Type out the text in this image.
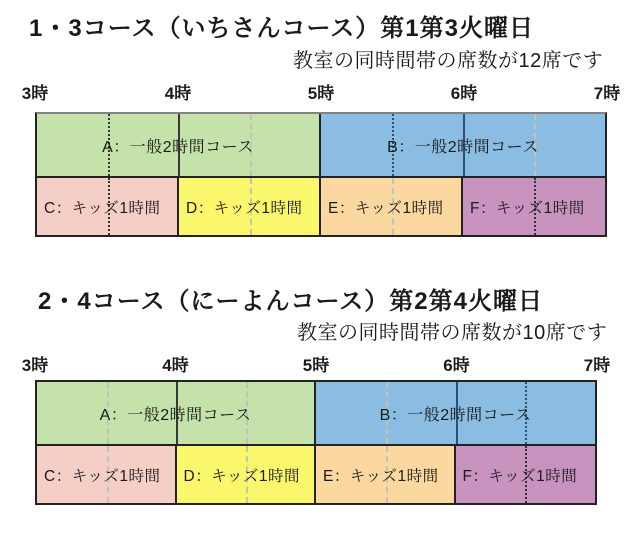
1・3コース（いちさんコース）第1第3火曜日
教室の同時間帯の席数が12席です
3時	4時	5時	6時	7時
A：一般2時間コース	B：一般2時間コース
C：キッズ1時間 D：キッズ1時間 E：キッズ1時間 F：キッズ1時間
2・4コース（にーよんコース）第2第4火曜日
教室の同時間帯の席数が10席です
3時	4時	5時	6時	7時
A：一般2時間コース	B：一般2時間コース
C：キッズ1時間 D：キッズ1時間 E：キッズ1時間 F：キッズ1時間
